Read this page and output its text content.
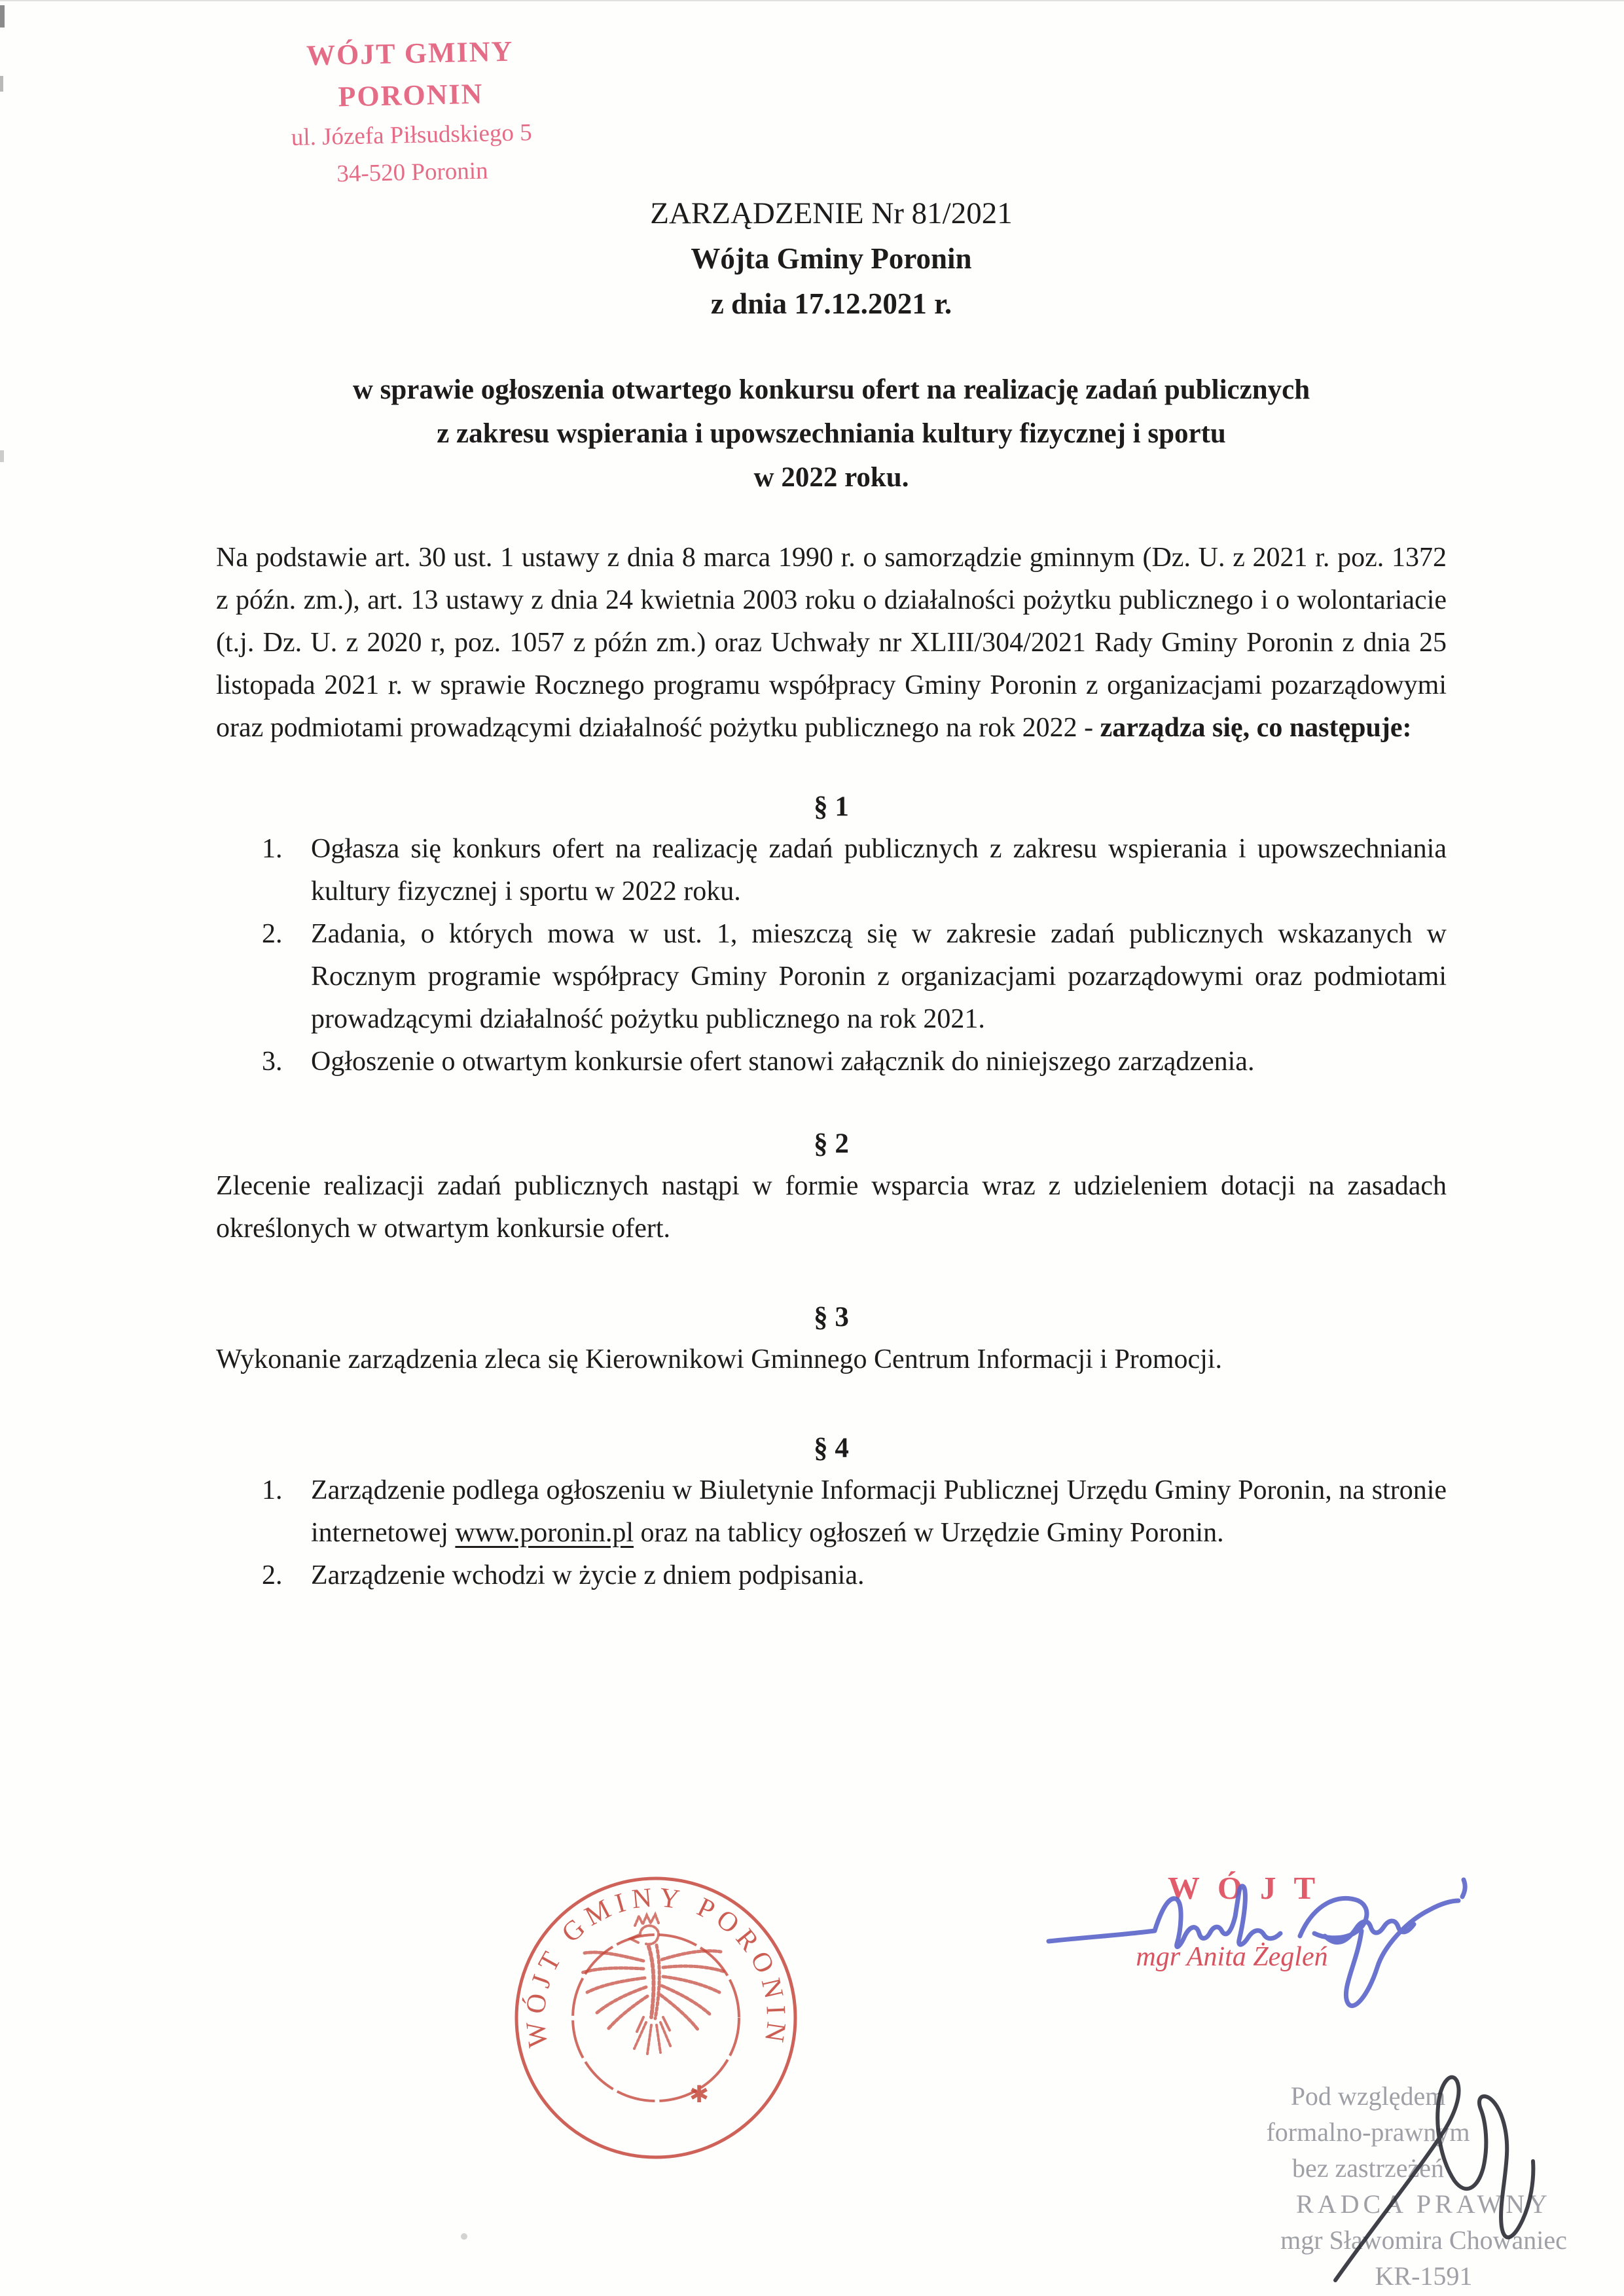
WÓJT GMINY PORONIN
ul. Józefa Piłsudskiego 5
34-520 Poronin
ZARZĄDZENIE Nr 81/2021
Wójta Gminy Poronin
z dnia 17.12.2021 r.
w sprawie ogłoszenia otwartego konkursu ofert na realizację zadań publicznych
z zakresu wspierania i upowszechniania kultury fizycznej i sportu
w 2022 roku.

Na podstawie art. 30 ust. 1 ustawy z dnia 8 marca 1990 r. o samorządzie gminnym (Dz. U. z 2021 r. poz. 1372 z późn. zm.), art. 13 ustawy z dnia 24 kwietnia 2003 roku o działalności pożytku publicznego i o wolontariacie (t.j. Dz. U. z 2020 r, poz. 1057 z późn zm.) oraz Uchwały nr XLIII/304/2021 Rady Gminy Poronin z dnia 25 listopada 2021 r. w sprawie Rocznego programu współpracy Gminy Poronin z organizacjami pozarządowymi oraz podmiotami prowadzącymi działalność pożytku publicznego na rok 2022 - zarządza się, co następuje:

§ 1
1. Ogłasza się konkurs ofert na realizację zadań publicznych z zakresu wspierania i upowszechniania kultury fizycznej i sportu w 2022 roku.
2. Zadania, o których mowa w ust. 1, mieszczą się w zakresie zadań publicznych wskazanych w Rocznym programie współpracy Gminy Poronin z organizacjami pozarządowymi oraz podmiotami prowadzącymi działalność pożytku publicznego na rok 2021.
3. Ogłoszenie o otwartym konkursie ofert stanowi załącznik do niniejszego zarządzenia.
§ 2

Zlecenie realizacji zadań publicznych nastąpi w formie wsparcia wraz z udzieleniem dotacji na zasadach określonych w otwartym konkursie ofert.

§ 3

Wykonanie zarządzenia zleca się Kierownikowi Gminnego Centrum Informacji i Promocji.

§ 4
1. Zarządzenie podlega ogłoszeniu w Biuletynie Informacji Publicznej Urzędu Gminy Poronin, na stronie internetowej www.poronin.pl oraz na tablicy ogłoszeń w Urzędzie Gminy Poronin.
2. Zarządzenie wchodzi w życie z dniem podpisania.
WÓJT GMINY PORONIN
✱
WÓJT
mgr Anita Żegleń
Pod względem
formalno-prawnym
bez zastrzeżeń
RADCA PRAWNY
mgr Sławomira Chowaniec
KR-1591
